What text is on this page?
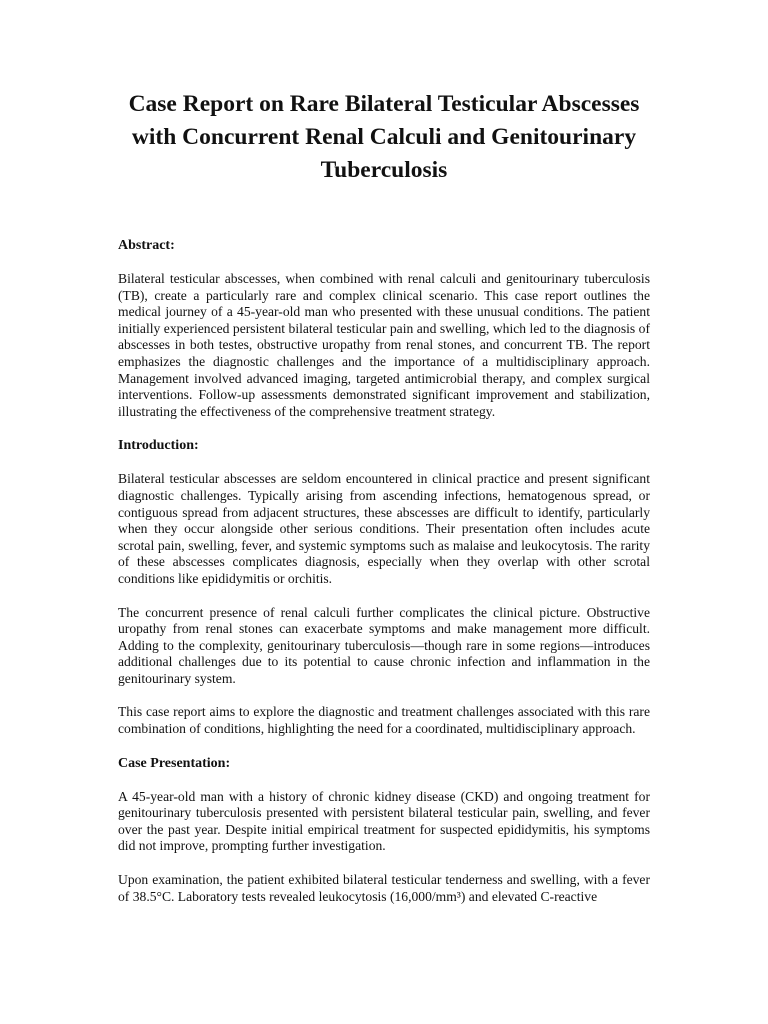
Case Report on Rare Bilateral Testicular Abscesses with Concurrent Renal Calculi and Genitourinary Tuberculosis
Abstract:

Bilateral testicular abscesses, when combined with renal calculi and genitourinary tuberculosis (TB), create a particularly rare and complex clinical scenario. This case report outlines the medical journey of a 45-year-old man who presented with these unusual conditions. The patient initially experienced persistent bilateral testicular pain and swelling, which led to the diagnosis of abscesses in both testes, obstructive uropathy from renal stones, and concurrent TB. The report emphasizes the diagnostic challenges and the importance of a multidisciplinary approach. Management involved advanced imaging, targeted antimicrobial therapy, and complex surgical interventions. Follow-up assessments demonstrated significant improvement and stabilization, illustrating the effectiveness of the comprehensive treatment strategy.

Introduction:

Bilateral testicular abscesses are seldom encountered in clinical practice and present significant diagnostic challenges. Typically arising from ascending infections, hematogenous spread, or contiguous spread from adjacent structures, these abscesses are difficult to identify, particularly when they occur alongside other serious conditions. Their presentation often includes acute scrotal pain, swelling, fever, and systemic symptoms such as malaise and leukocytosis. The rarity of these abscesses complicates diagnosis, especially when they overlap with other scrotal conditions like epididymitis or orchitis.

The concurrent presence of renal calculi further complicates the clinical picture. Obstructive uropathy from renal stones can exacerbate symptoms and make management more difficult. Adding to the complexity, genitourinary tuberculosis—though rare in some regions—introduces additional challenges due to its potential to cause chronic infection and inflammation in the genitourinary system.

This case report aims to explore the diagnostic and treatment challenges associated with this rare combination of conditions, highlighting the need for a coordinated, multidisciplinary approach.

Case Presentation:

A 45-year-old man with a history of chronic kidney disease (CKD) and ongoing treatment for genitourinary tuberculosis presented with persistent bilateral testicular pain, swelling, and fever over the past year. Despite initial empirical treatment for suspected epididymitis, his symptoms did not improve, prompting further investigation.

Upon examination, the patient exhibited bilateral testicular tenderness and swelling, with a fever of 38.5°C. Laboratory tests revealed leukocytosis (16,000/mm³) and elevated C-reactive
